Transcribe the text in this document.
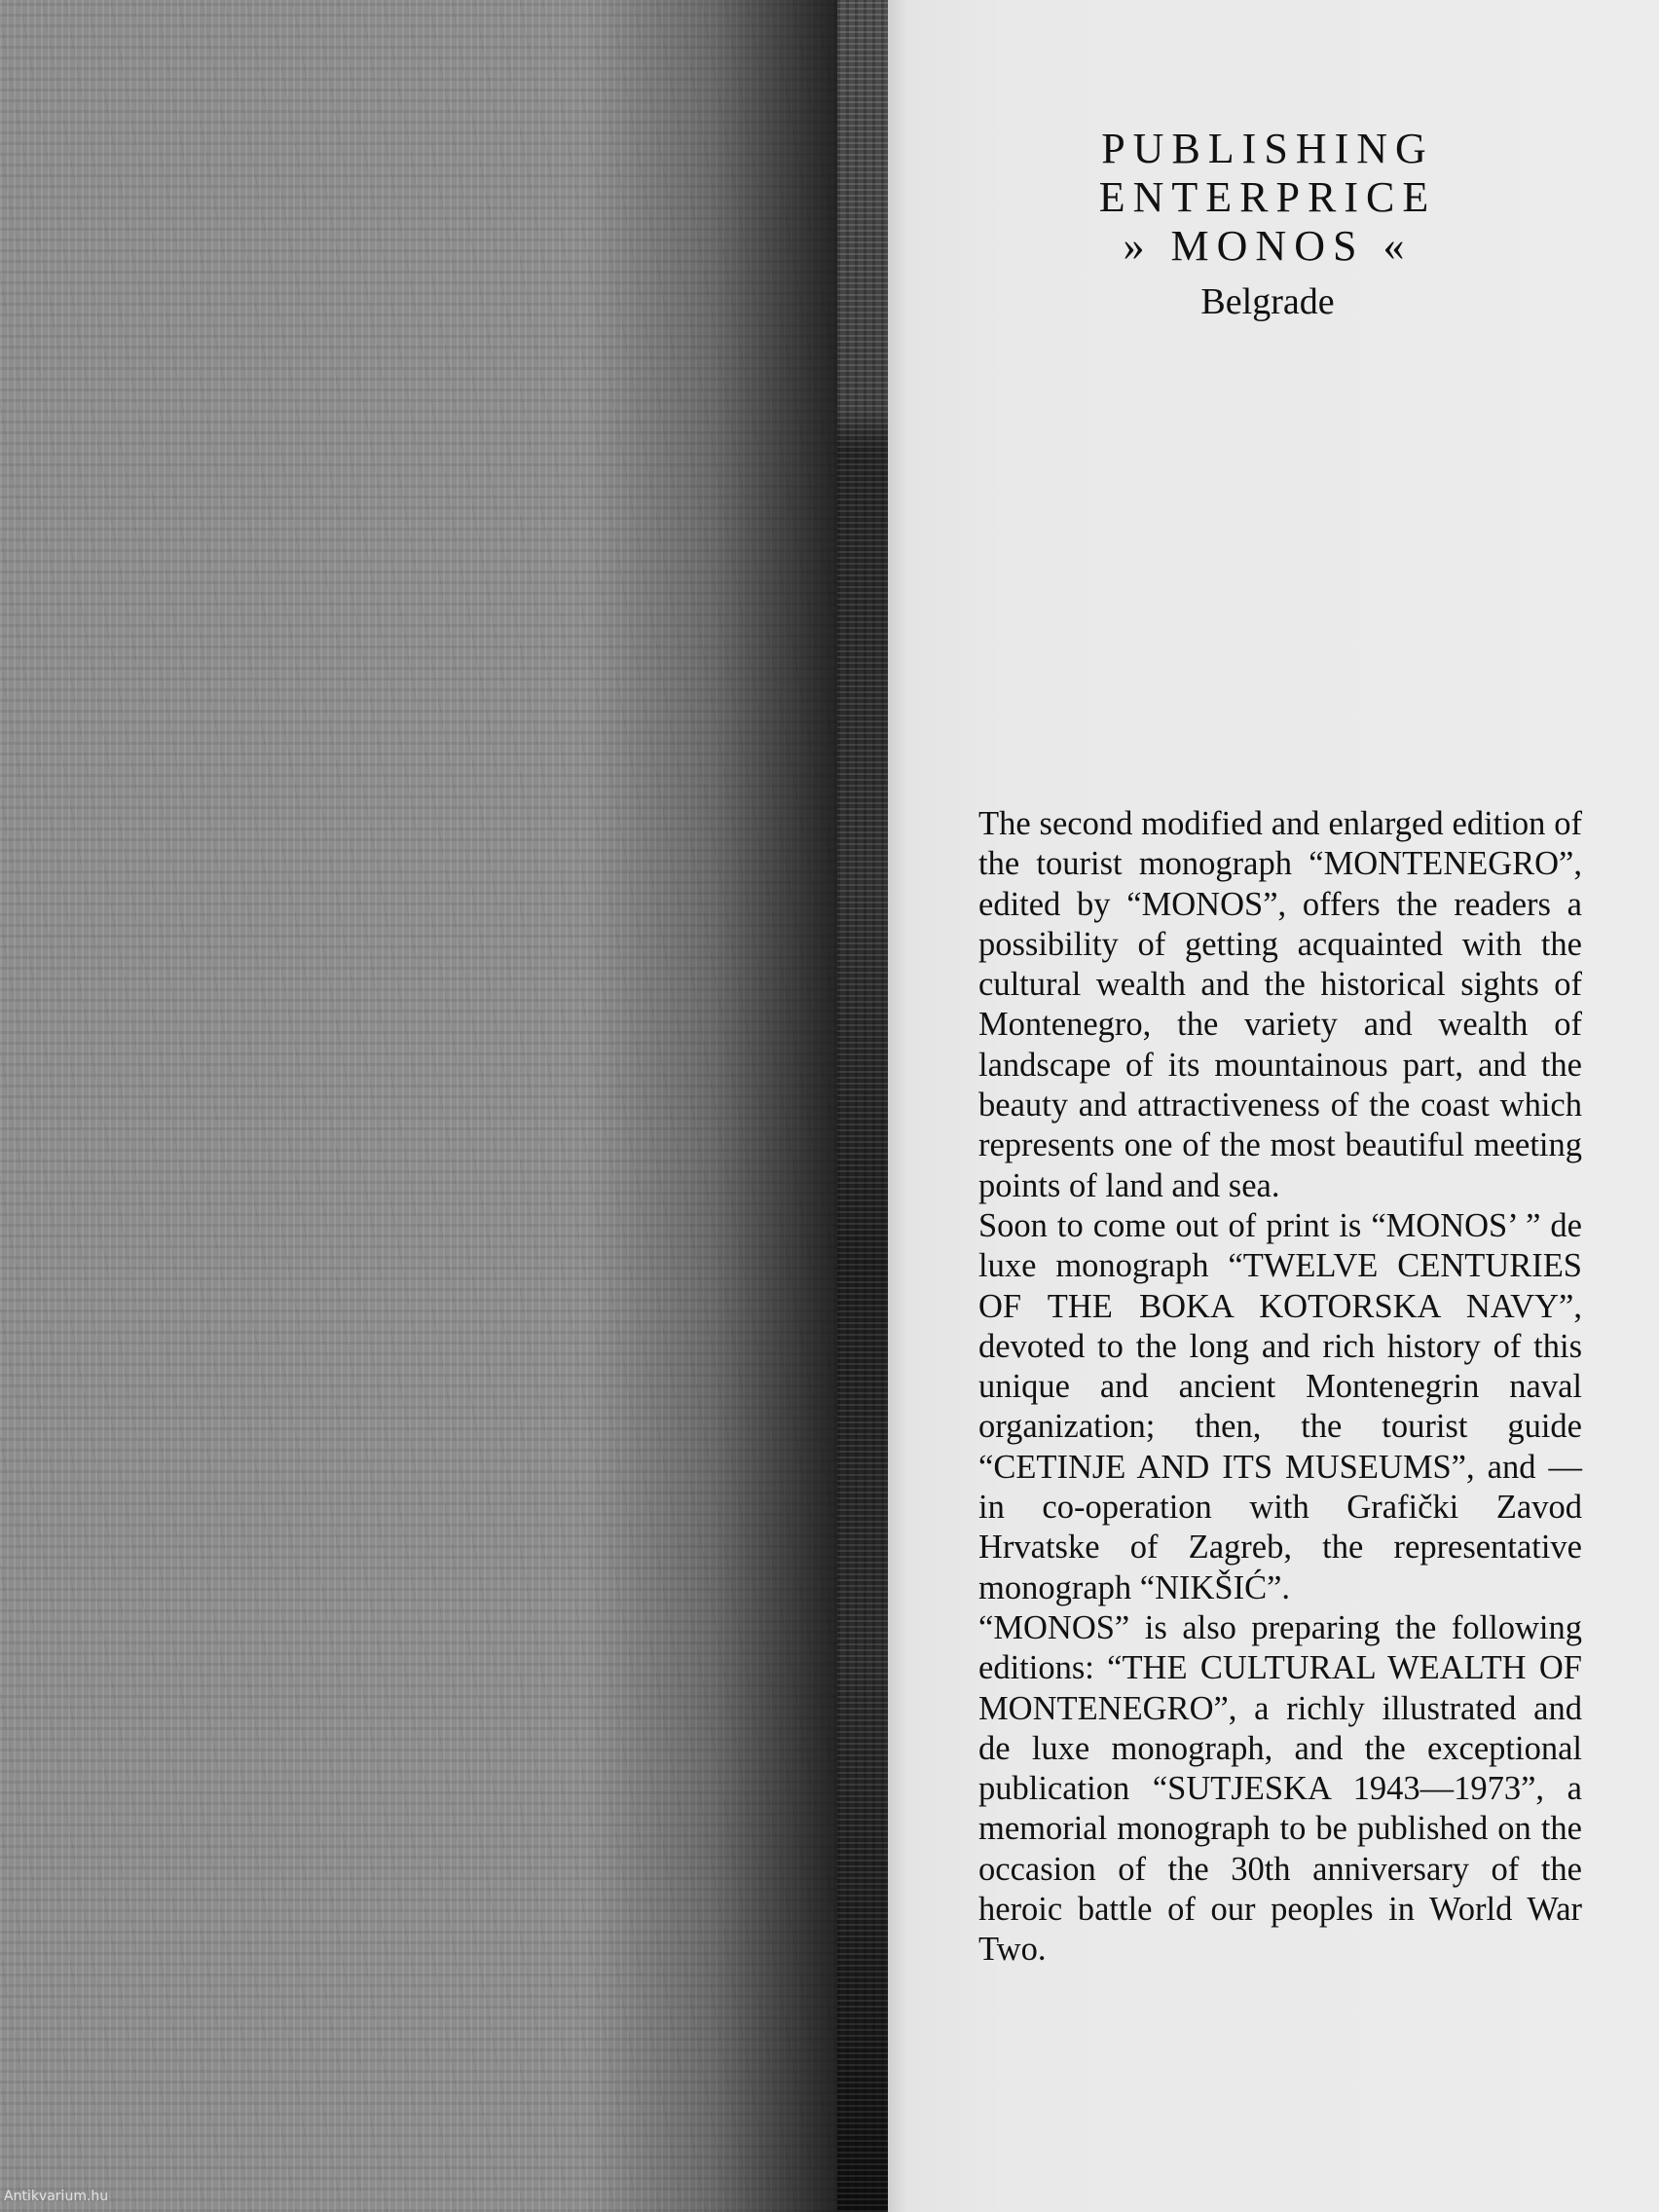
PUBLISHING
ENTERPRICE
» MONOS «
Belgrade

The second modified and enlarged edition of the tourist monograph “MONTENEGRO”, edited by “MONOS”, offers the readers a possibility of getting acquainted with the cultural wealth and the historical sights of Montenegro, the variety and wealth of landscape of its mountainous part, and the beauty and attractiveness of the coast which represents one of the most beautiful meeting points of land and sea.

Soon to come out of print is “MONOS’ ” de luxe monograph “TWELVE CENTURIES OF THE BOKA KOTORSKA NAVY”, devoted to the long and rich history of this unique and ancient Montenegrin naval organization; then, the tourist guide “CETINJE AND ITS MUSEUMS”, and — in co-operation with Grafički Zavod Hrvatske of Zagreb, the representative monograph “NIKŠIĆ”.

“MONOS” is also preparing the following editions: “THE CULTURAL WEALTH OF MONTENEGRO”, a richly illustrated and de luxe monograph, and the exceptional publication “SUTJESKA 1943—1973”, a memorial monograph to be published on the occasion of the 30th anniversary of the heroic battle of our peoples in World War Two.

Antikvarium.hu
